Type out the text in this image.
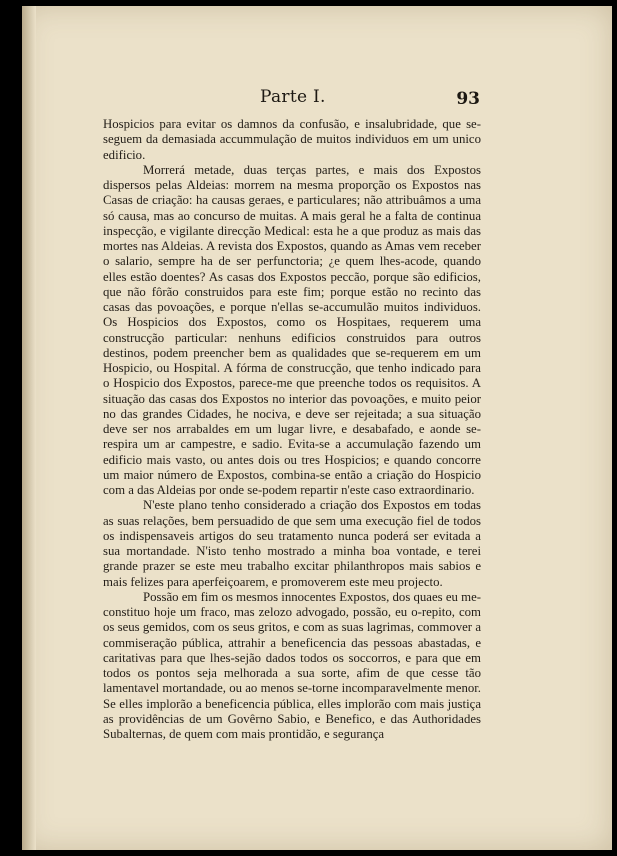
Parte I.	93

Hospicios para evitar os damnos da confusão, e insalubridade, que se-seguem da demasiada accummulação de muitos individuos em um unico edificio.

Morrerá metade, duas terças partes, e mais dos Expostos dispersos pelas Aldeias: morrem na mesma proporção os Expostos nas Casas de criação: ha causas geraes, e particulares; não attribuâmos a uma só causa, mas ao concurso de muitas. A mais geral he a falta de continua inspecção, e vigilante direcção Medical: esta he a que produz as mais das mortes nas Aldeias. A revista dos Expostos, quando as Amas vem receber o salario, sempre ha de ser perfunctoria; ¿e quem lhes-acode, quando elles estão doentes? As casas dos Expostos peccão, porque são edificios, que não fôrão construidos para este fim; porque estão no recinto das casas das povoações, e porque n'ellas se-accumulão muitos individuos. Os Hospicios dos Expostos, como os Hospitaes, requerem uma construcção particular: nenhuns edificios construidos para outros destinos, podem preencher bem as qualidades que se-requerem em um Hospicio, ou Hospital. A fórma de construcção, que tenho indicado para o Hospicio dos Expostos, parece-me que preenche todos os requisitos. A situação das casas dos Expostos no interior das povoações, e muito peior no das grandes Cidades, he nociva, e deve ser rejeitada; a sua situação deve ser nos arrabaldes em um lugar livre, e desabafado, e aonde se-respira um ar campestre, e sadio. Evita-se a accumulação fazendo um edificio mais vasto, ou antes dois ou tres Hospicios; e quando concorre um maior número de Expostos, combina-se então a criação do Hospicio com a das Aldeias por onde se-podem repartir n'este caso extraordinario.

N'este plano tenho considerado a criação dos Expostos em todas as suas relações, bem persuadido de que sem uma execução fiel de todos os indispensaveis artigos do seu tratamento nunca poderá ser evitada a sua mortandade. N'isto tenho mostrado a minha boa vontade, e terei grande prazer se este meu trabalho excitar philanthropos mais sabios e mais felizes para aperfeiçoarem, e promoverem este meu projecto.

Possão em fim os mesmos innocentes Expostos, dos quaes eu me-constituo hoje um fraco, mas zelozo advogado, possão, eu o-repito, com os seus gemidos, com os seus gritos, e com as suas lagrimas, commover a commiseração pública, attrahir a beneficencia das pessoas abastadas, e caritativas para que lhes-sejão dados todos os soccorros, e para que em todos os pontos seja melhorada a sua sorte, afim de que cesse tão lamentavel mortandade, ou ao menos se-torne incomparavelmente menor. Se elles implorão a beneficencia pública, elles implorão com mais justiça as providências de um Govêrno Sabio, e Benefico, e das Authoridades Subalternas, de quem com mais prontidão, e segurança
